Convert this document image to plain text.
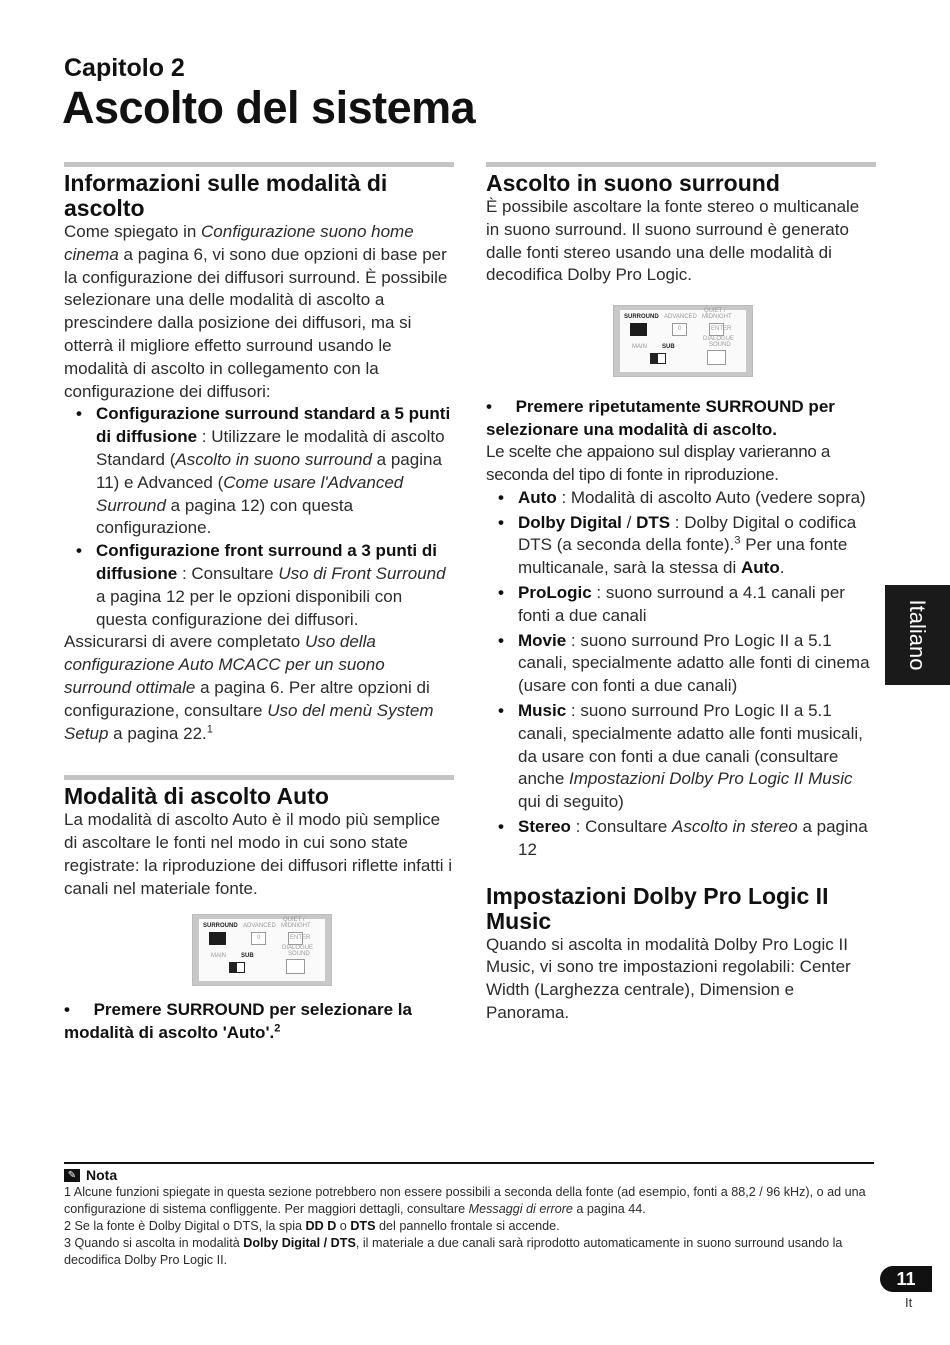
Capitolo 2
Ascolto del sistema
Informazioni sulle modalità di ascolto

Come spiegato in Configurazione suono home cinema a pagina 6, vi sono due opzioni di base per la configurazione dei diffusori surround. È possibile selezionare una delle modalità di ascolto a prescindere dalla posizione dei diffusori, ma si otterrà il migliore effetto surround usando le modalità di ascolto in collegamento con la configurazione dei diffusori:

• Configurazione surround standard a 5 punti di diffusione : Utilizzare le modalità di ascolto Standard (Ascolto in suono surround a pagina 11) e Advanced (Come usare l'Advanced Surround a pagina 12) con questa configurazione.
• Configurazione front surround a 3 punti di diffusione : Consultare Uso di Front Surround a pagina 12 per le opzioni disponibili con questa configurazione dei diffusori.

Assicurarsi di avere completato Uso della configurazione Auto MCACC per un suono surround ottimale a pagina 6. Per altre opzioni di configurazione, consultare Uso del menù System Setup a pagina 22.$^1$

Modalità di ascolto Auto

La modalità di ascolto Auto è il modo più semplice di ascoltare le fonti nel modo in cui sono state registrate: la riproduzione dei diffusori riflette infatti i canali nel materiale fonte.

SURROUND ADVANCED
QUIET /
MIDNIGHT
0	ENTER
MAIN	SUB
DIALOGUE
SOUND

•     Premere SURROUND per selezionare la modalità di ascolto 'Auto'.$^2$

Ascolto in suono surround

È possibile ascoltare la fonte stereo o multicanale in suono surround. Il suono surround è generato dalle fonti stereo usando una delle modalità di decodifica Dolby Pro Logic.

SURROUND ADVANCED
QUIET /
MIDNIGHT
0	ENTER
MAIN	SUB
DIALOGUE
SOUND

•     Premere ripetutamente SURROUND per selezionare una modalità di ascolto.

Le scelte che appaiono sul display varieranno a seconda del tipo di fonte in riproduzione.

• Auto : Modalità di ascolto Auto (vedere sopra)
• Dolby Digital / DTS : Dolby Digital o codifica DTS (a seconda della fonte).$^3$ Per una fonte multicanale, sarà la stessa di Auto.
• ProLogic : suono surround a 4.1 canali per fonti a due canali
• Movie : suono surround Pro Logic II a 5.1 canali, specialmente adatto alle fonti di cinema (usare con fonti a due canali)
• Music : suono surround Pro Logic II a 5.1 canali, specialmente adatto alle fonti musicali, da usare con fonti a due canali (consultare anche Impostazioni Dolby Pro Logic II Music qui di seguito)
• Stereo : Consultare Ascolto in stereo a pagina 12
Impostazioni Dolby Pro Logic II Music

Quando si ascolta in modalità Dolby Pro Logic II Music, vi sono tre impostazioni regolabili: Center Width (Larghezza centrale), Dimension e Panorama.

Italiano
✎ Nota

1 Alcune funzioni spiegate in questa sezione potrebbero non essere possibili a seconda della fonte (ad esempio, fonti a 88,2 / 96 kHz), o ad una configurazione di sistema confliggente. Per maggiori dettagli, consultare Messaggi di errore a pagina 44.

2 Se la fonte è Dolby Digital o DTS, la spia DD D o DTS del pannello frontale si accende.

3 Quando si ascolta in modalità Dolby Digital / DTS, il materiale a due canali sarà riprodotto automaticamente in suono surround usando la decodifica Dolby Pro Logic II.

11
It
